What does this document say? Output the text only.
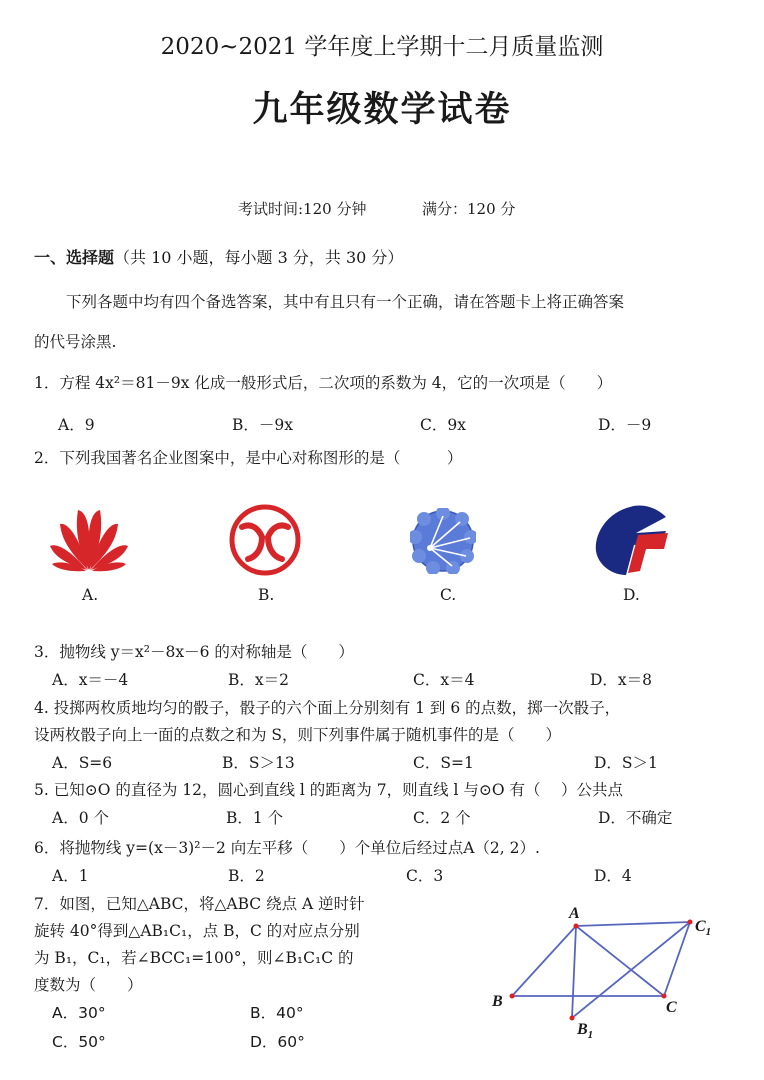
2020~2021 学年度上学期十二月质量监测
九年级数学试卷
考试时间:120 分钟	满分：120 分
一、选择题（共 10 小题，每小题 3 分，共 30 分）
下列各题中均有四个备选答案，其中有且只有一个正确，请在答题卡上将正确答案
的代号涂黑.
1．方程 4x²＝81－9x 化成一般形式后，二次项的系数为 4，它的一次项是（　　）
A．9	B．－9x	C．9x	D．－9
2．下列我国著名企业图案中，是中心对称图形的是（　　　）
A.	B.	C.	D.
3．抛物线 y＝x²－8x－6 的对称轴是（　　）
A．x＝－4	B．x＝2	C．x＝4	D．x＝8
4. 投掷两枚质地均匀的骰子，骰子的六个面上分别刻有 1 到 6 的点数，掷一次骰子，
设两枚骰子向上一面的点数之和为 S，则下列事件属于随机事件的是（　　）
A．S=6	B．S＞13	C．S=1	D．S＞1
5. 已知⊙O 的直径为 12，圆心到直线 l 的距离为 7，则直线 l 与⊙O 有（　 ）公共点
A．0 个	B．1 个	C．2 个	D．不确定
6．将抛物线 y=(x－3)²－2 向左平移（　　）个单位后经过点A（2, 2）.
A．1	B．2	C．3	D．4
7．如图，已知△ABC，将△ABC 绕点 A 逆时针
旋转 40°得到△AB₁C₁，点 B，C 的对应点分别
为 B₁，C₁，若∠BCC₁=100°，则∠B₁C₁C 的
度数为（　　）
A．30°	B．40°
C．50°	D．60°
A
$C_1$
B	C
$B_1$
